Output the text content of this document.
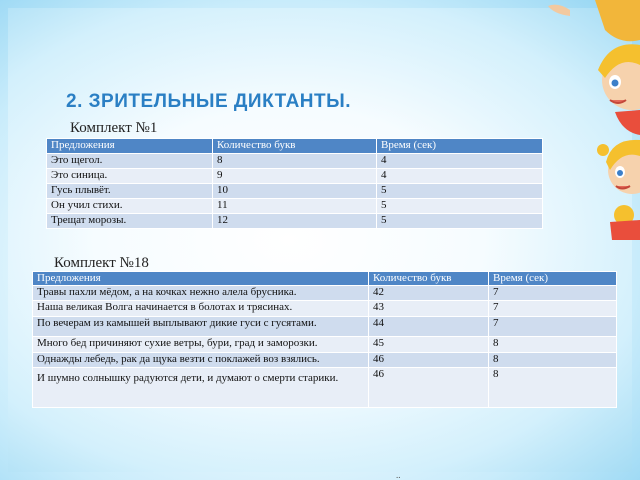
2. ЗРИТЕЛЬНЫЕ ДИКТАНТЫ.
Комплект №1
Предложения	Количество букв	Время (сек)
Это щегол.	8	4
Это синица.	9	4
Гусь плывёт.	10	5
Он учил стихи.	11	5
Трещат морозы.	12	5
Комплект №18
Предложения	Количество букв	Время (сек)
Травы пахли мёдом, а на кочках нежно алела брусника.	42	7
Наша великая Волга начинается в болотах и трясинах.	43	7
По вечерам из камышей выплывают дикие гуси с гусятами.	44	7
Много бед причиняют сухие ветры, бури, град и заморозки.	45	8
Однажды лебедь, рак да щука везти с поклажей воз взялись.	46	8
И шумно солнышку радуются дети, и думают о смерти старики.	46	8
..
